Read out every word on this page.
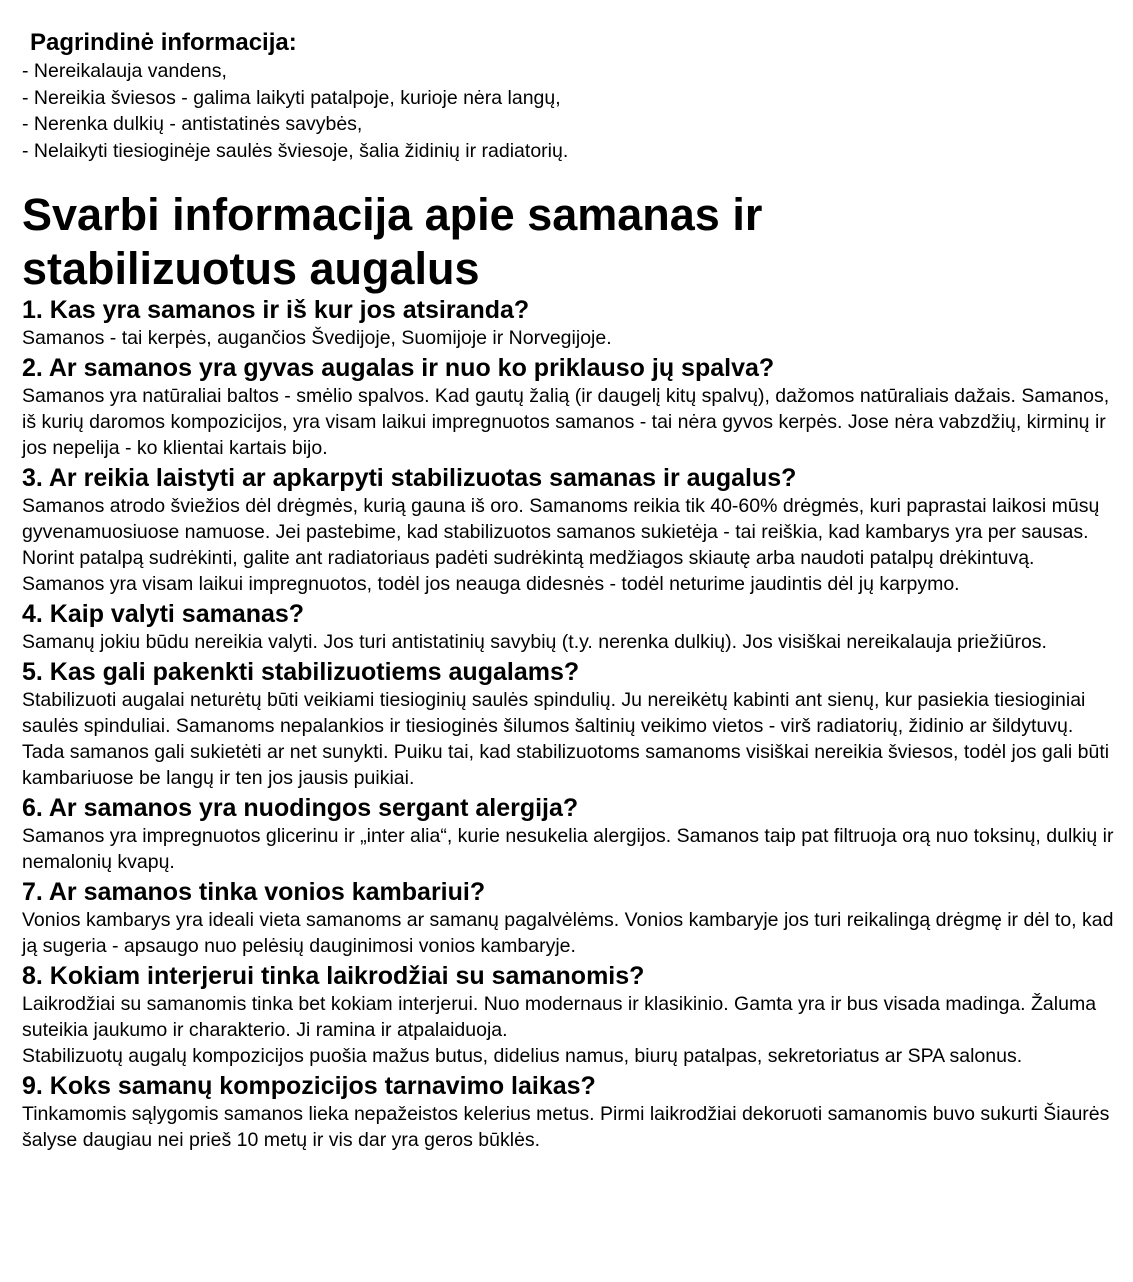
Pagrindinė informacija:
- Nereikalauja vandens,
- Nereikia šviesos - galima laikyti patalpoje, kurioje nėra langų,
- Nerenka dulkių - antistatinės savybės,
- Nelaikyti tiesioginėje saulės šviesoje, šalia židinių ir radiatorių.
Svarbi informacija apie samanas ir
stabilizuotus augalus
1. Kas yra samanos ir iš kur jos atsiranda?

Samanos - tai kerpės, augančios Švedijoje, Suomijoje ir Norvegijoje.

2. Ar samanos yra gyvas augalas ir nuo ko priklauso jų spalva?

Samanos yra natūraliai baltos - smėlio spalvos. Kad gautų žalią (ir daugelį kitų spalvų), dažomos natūraliais dažais. Samanos, iš kurių daromos kompozicijos, yra visam laikui impregnuotos samanos - tai nėra gyvos kerpės. Jose nėra vabzdžių, kirminų ir jos nepelija - ko klientai kartais bijo.

3. Ar reikia laistyti ar apkarpyti stabilizuotas samanas ir augalus?

Samanos atrodo šviežios dėl drėgmės, kurią gauna iš oro. Samanoms reikia tik 40-60% drėgmės, kuri paprastai laikosi mūsų gyvenamuosiuose namuose. Jei pastebime, kad stabilizuotos samanos sukietėja - tai reiškia, kad kambarys yra per sausas. Norint patalpą sudrėkinti, galite ant radiatoriaus padėti sudrėkintą medžiagos skiautę arba naudoti patalpų drėkintuvą. Samanos yra visam laikui impregnuotos, todėl jos neauga didesnės - todėl neturime jaudintis dėl jų karpymo.

4. Kaip valyti samanas?

Samanų jokiu būdu nereikia valyti. Jos turi antistatinių savybių (t.y. nerenka dulkių). Jos visiškai nereikalauja priežiūros.

5. Kas gali pakenkti stabilizuotiems augalams?

Stabilizuoti augalai neturėtų būti veikiami tiesioginių saulės spindulių. Ju nereikėtų kabinti ant sienų, kur pasiekia tiesioginiai saulės spinduliai. Samanoms nepalankios ir tiesioginės šilumos šaltinių veikimo vietos - virš radiatorių, židinio ar šildytuvų. Tada samanos gali sukietėti ar net sunykti. Puiku tai, kad stabilizuotoms samanoms visiškai nereikia šviesos, todėl jos gali būti kambariuose be langų ir ten jos jausis puikiai.

6. Ar samanos yra nuodingos sergant alergija?

Samanos yra impregnuotos glicerinu ir „inter alia“, kurie nesukelia alergijos. Samanos taip pat filtruoja orą nuo toksinų, dulkių ir nemalonių kvapų.

7. Ar samanos tinka vonios kambariui?

Vonios kambarys yra ideali vieta samanoms ar samanų pagalvėlėms. Vonios kambaryje jos turi reikalingą drėgmę ir dėl to, kad ją sugeria - apsaugo nuo pelėsių dauginimosi vonios kambaryje.

8. Kokiam interjerui tinka laikrodžiai su samanomis?

Laikrodžiai su samanomis tinka bet kokiam interjerui. Nuo modernaus ir klasikinio. Gamta yra ir bus visada madinga. Žaluma suteikia jaukumo ir charakterio. Ji ramina ir atpalaiduoja.

Stabilizuotų augalų kompozicijos puošia mažus butus, didelius namus, biurų patalpas, sekretoriatus ar SPA salonus.

9. Koks samanų kompozicijos tarnavimo laikas?

Tinkamomis sąlygomis samanos lieka nepažeistos kelerius metus. Pirmi laikrodžiai dekoruoti samanomis buvo sukurti Šiaurės šalyse daugiau nei prieš 10 metų ir vis dar yra geros būklės.
